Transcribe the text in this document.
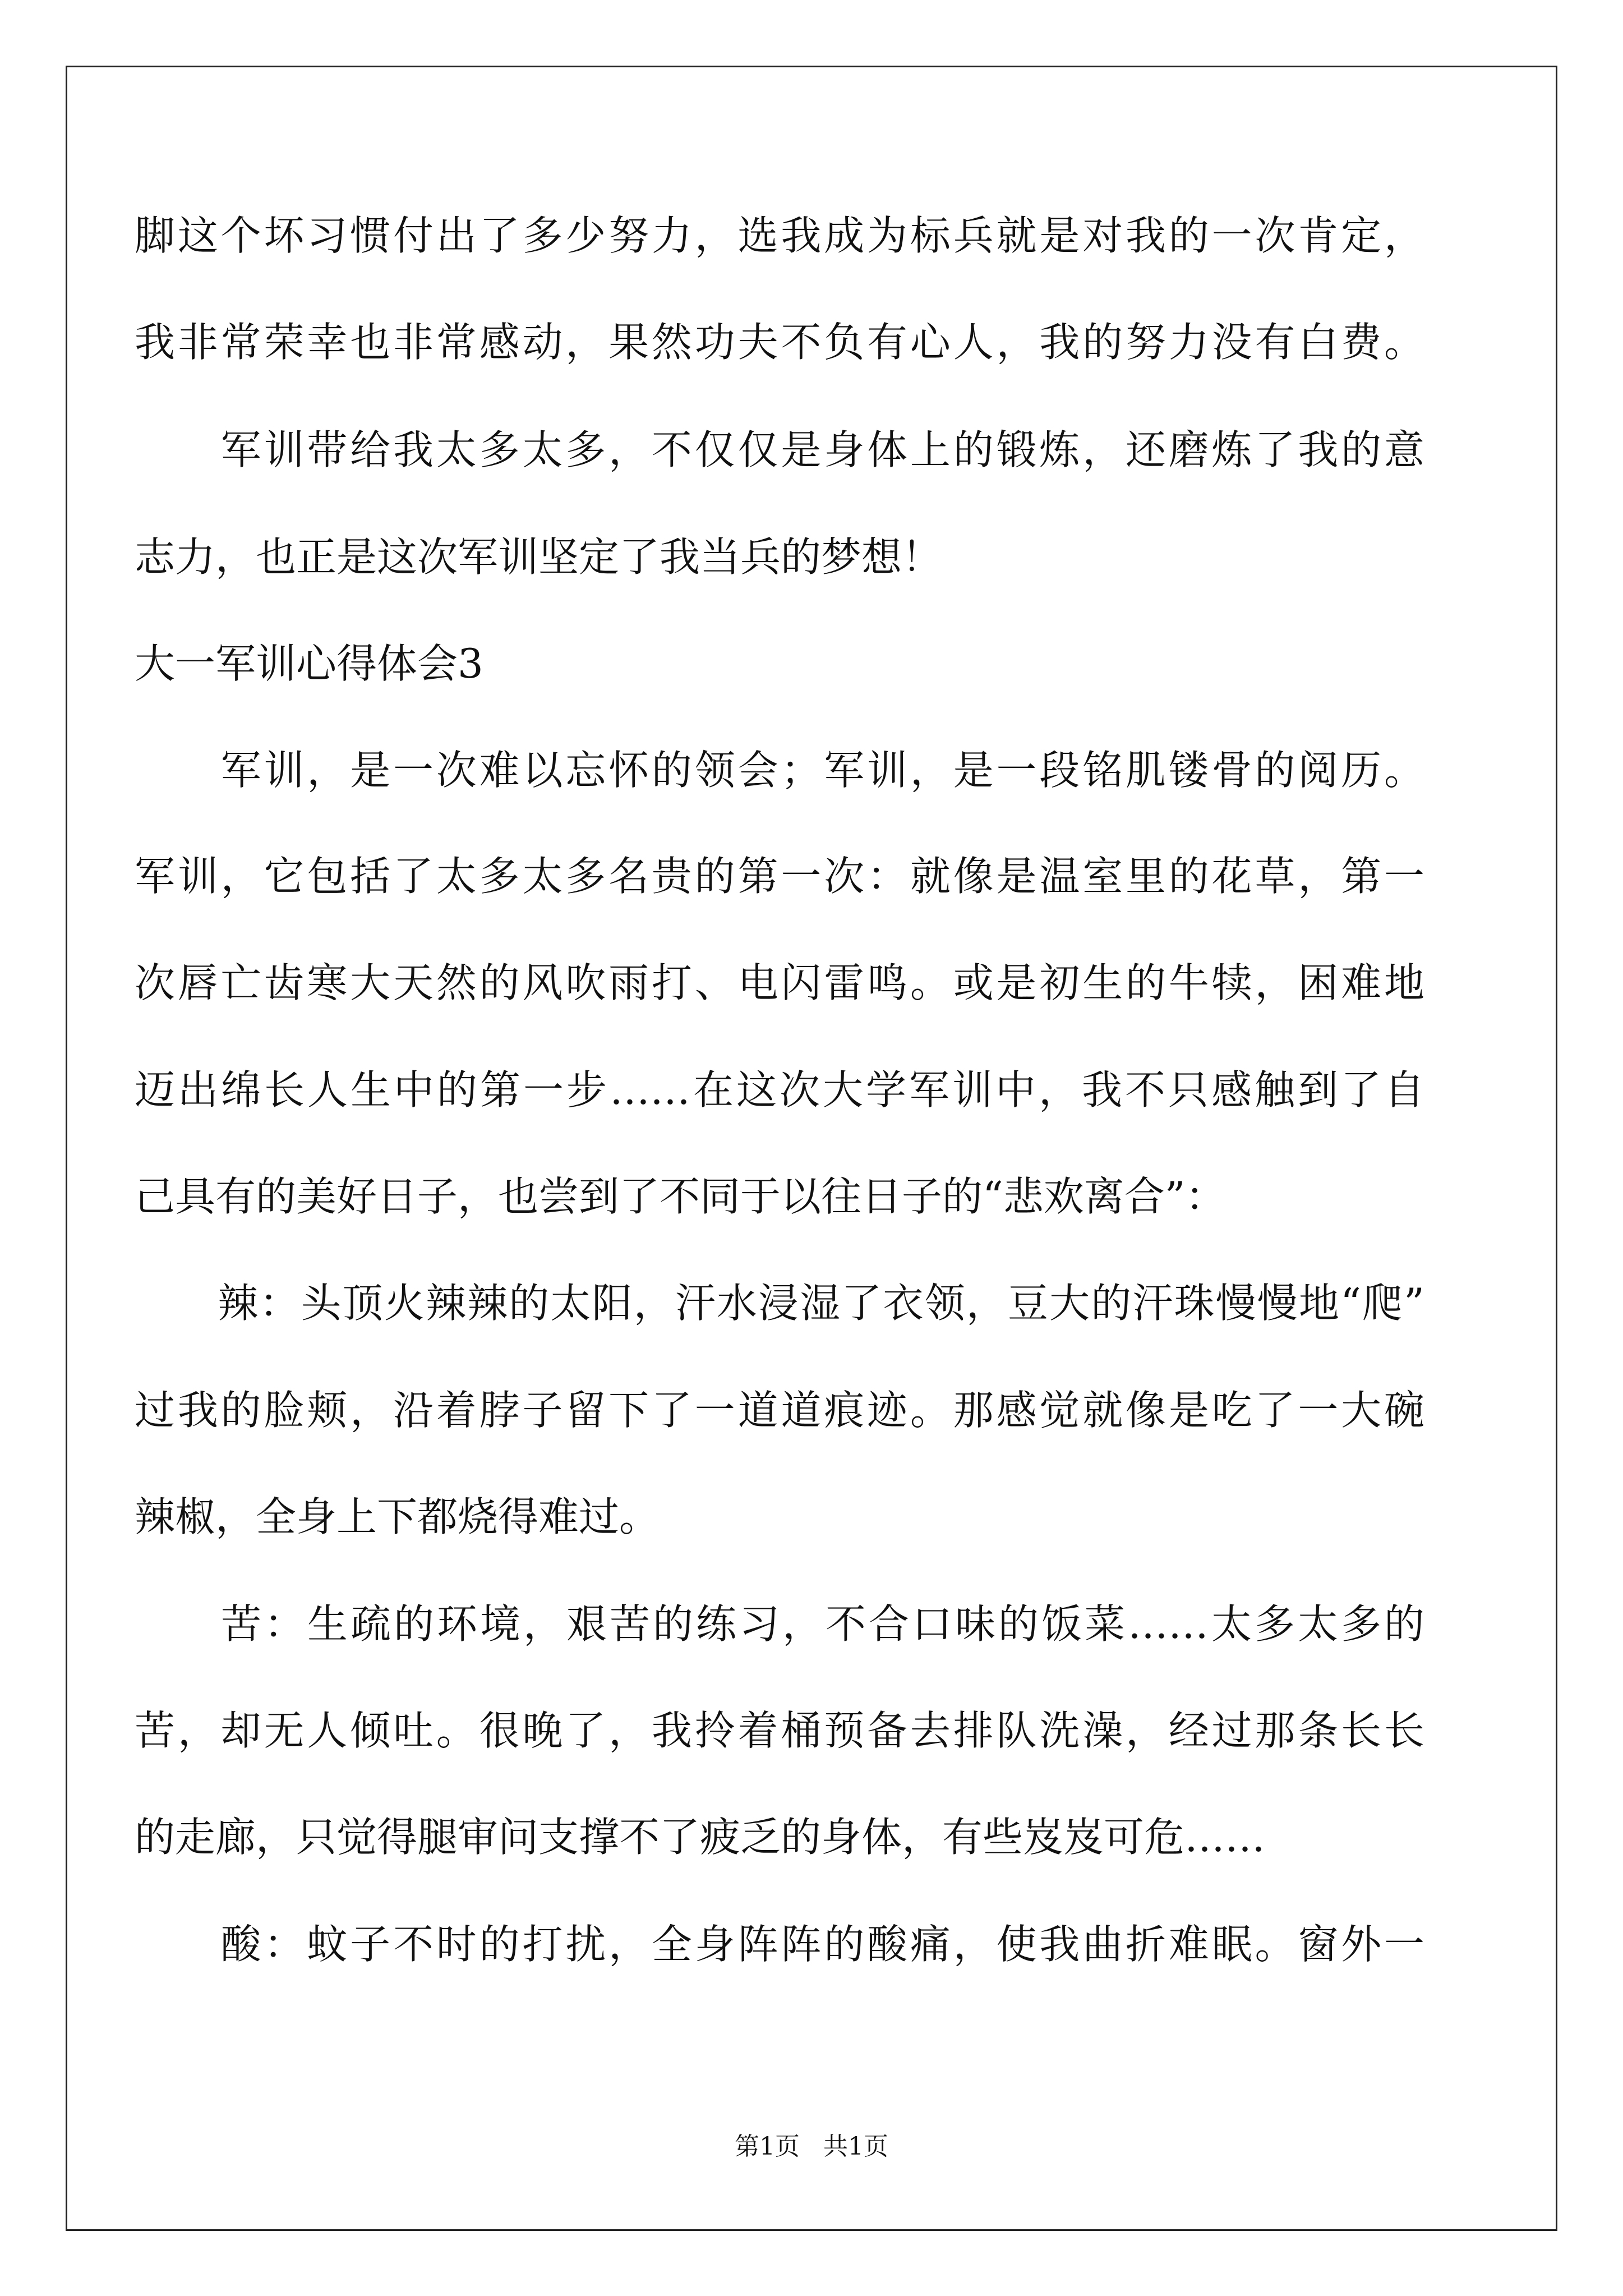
脚这个坏习惯付出了多少努力，选我成为标兵就是对我的一次肯定，
我非常荣幸也非常感动，果然功夫不负有心人，我的努力没有白费。
　　军训带给我太多太多，不仅仅是身体上的锻炼，还磨炼了我的意
志力，也正是这次军训坚定了我当兵的梦想！
大一军训心得体会3
　　军训，是一次难以忘怀的领会；军训，是一段铭肌镂骨的阅历。
军训，它包括了太多太多名贵的第一次：就像是温室里的花草，第一
次唇亡齿寒大天然的风吹雨打、电闪雷鸣。或是初生的牛犊，困难地
迈出绵长人生中的第一步……在这次大学军训中，我不只感触到了自
己具有的美好日子，也尝到了不同于以往日子的“悲欢离合”：
　　辣：头顶火辣辣的太阳，汗水浸湿了衣领，豆大的汗珠慢慢地“爬”
过我的脸颊，沿着脖子留下了一道道痕迹。那感觉就像是吃了一大碗
辣椒，全身上下都烧得难过。
　　苦：生疏的环境，艰苦的练习，不合口味的饭菜……太多太多的
苦，却无人倾吐。很晚了，我拎着桶预备去排队洗澡，经过那条长长
的走廊，只觉得腿审问支撑不了疲乏的身体，有些岌岌可危……
　　酸：蚊子不时的打扰，全身阵阵的酸痛，使我曲折难眠。窗外一
第1页 共1页
